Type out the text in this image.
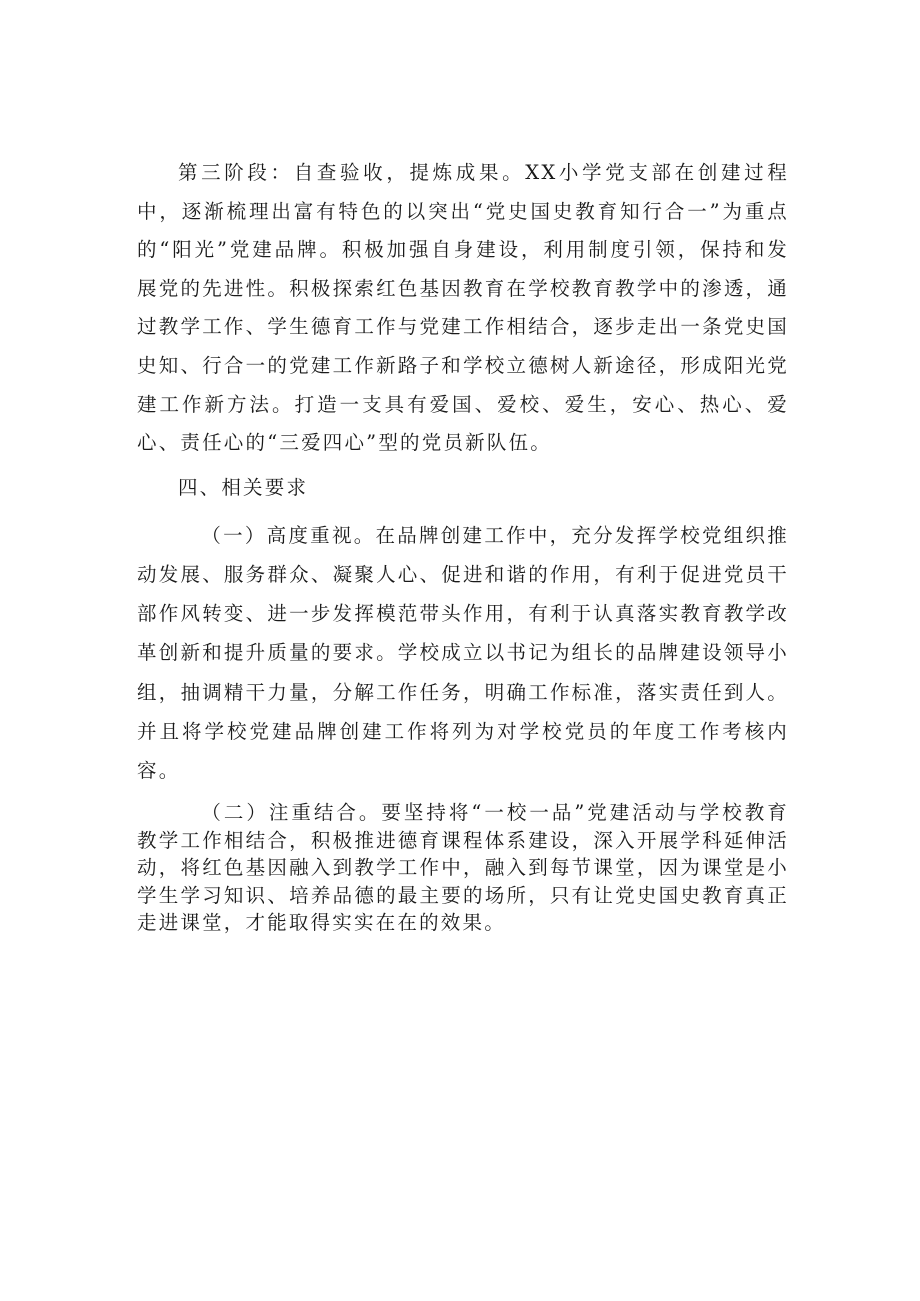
第三阶段：自查验收，提炼成果。XX小学党支部在创建过程中，逐渐梳理出富有特色的以突出“党史国史教育知行合一”为重点的“阳光”党建品牌。积极加强自身建设，利用制度引领，保持和发展党的先进性。积极探索红色基因教育在学校教育教学中的渗透，通过教学工作、学生德育工作与党建工作相结合，逐步走出一条党史国史知、行合一的党建工作新路子和学校立德树人新途径，形成阳光党建工作新方法。打造一支具有爱国、爱校、爱生，安心、热心、爱心、责任心的“三爱四心”型的党员新队伍。

四、相关要求

（一）高度重视。在品牌创建工作中，充分发挥学校党组织推动发展、服务群众、凝聚人心、促进和谐的作用，有利于促进党员干部作风转变、进一步发挥模范带头作用，有利于认真落实教育教学改革创新和提升质量的要求。学校成立以书记为组长的品牌建设领导小组，抽调精干力量，分解工作任务，明确工作标准，落实责任到人。并且将学校党建品牌创建工作将列为对学校党员的年度工作考核内容。

（二）注重结合。要坚持将“一校一品”党建活动与学校教育教学工作相结合，积极推进德育课程体系建设，深入开展学科延伸活动，将红色基因融入到教学工作中，融入到每节课堂，因为课堂是小学生学习知识、培养品德的最主要的场所，只有让党史国史教育真正走进课堂，才能取得实实在在的效果。
